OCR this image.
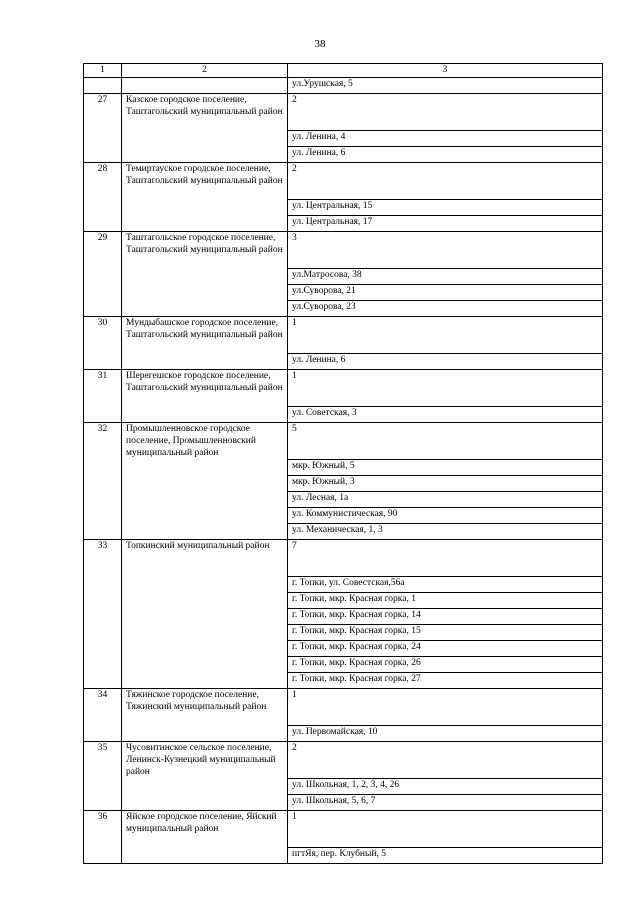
38
1	2	3
		ул.Урушская, 5
27	Казское городское поселение, Таштагольский муниципальный район	2
		ул. Ленина, 4
		ул. Ленина, 6
28	Темиртауское городское поселение, Таштагольский муниципальный район	2
		ул. Центральная, 15
		ул. Центральная, 17
29	Таштагольское городское поселение, Таштагольский муниципальный район	3
		ул.Матросова, 38
		ул.Суворова, 21
		ул.Суворова, 23
30	Мундыбашское городское поселение, Таштагольский муниципальный район	1
		ул. Ленина, 6
31	Шерегешское городское поселение, Таштагольский муниципальный район	1
		ул. Советская, 3
32	Промышленновское городское поселение, Промышленновский муниципальный район	5
		мкр. Южный, 5
		мкр. Южный, 3
		ул. Лесная, 1а
		ул. Коммунистическая, 90
		ул. Механическая, 1, 3
33	Топкинский муниципальный район	7
		г. Топки, ул. Совестская,56а
		г. Топки, мкр. Красная горка, 1
		г. Топки, мкр. Красная горка, 14
		г. Топки, мкр. Красная горка, 15
		г. Топки, мкр. Красная горка, 24
		г. Топки, мкр. Красная горка, 26
		г. Топки, мкр. Красная горка, 27
34	Тяжинское городское поселение, Тяжинский муниципальный район	1
		ул. Первомайская, 10
35	Чусовитинское сельское поселение, Ленинск-Кузнецкий муниципальный район	2
		ул. Школьная, 1, 2, 3, 4, 26
		ул. Школьная, 5, 6, 7
36	Яйское городское поселение, Яйский муниципальный район	1
		пгтЯя, пер. Клубный, 5
